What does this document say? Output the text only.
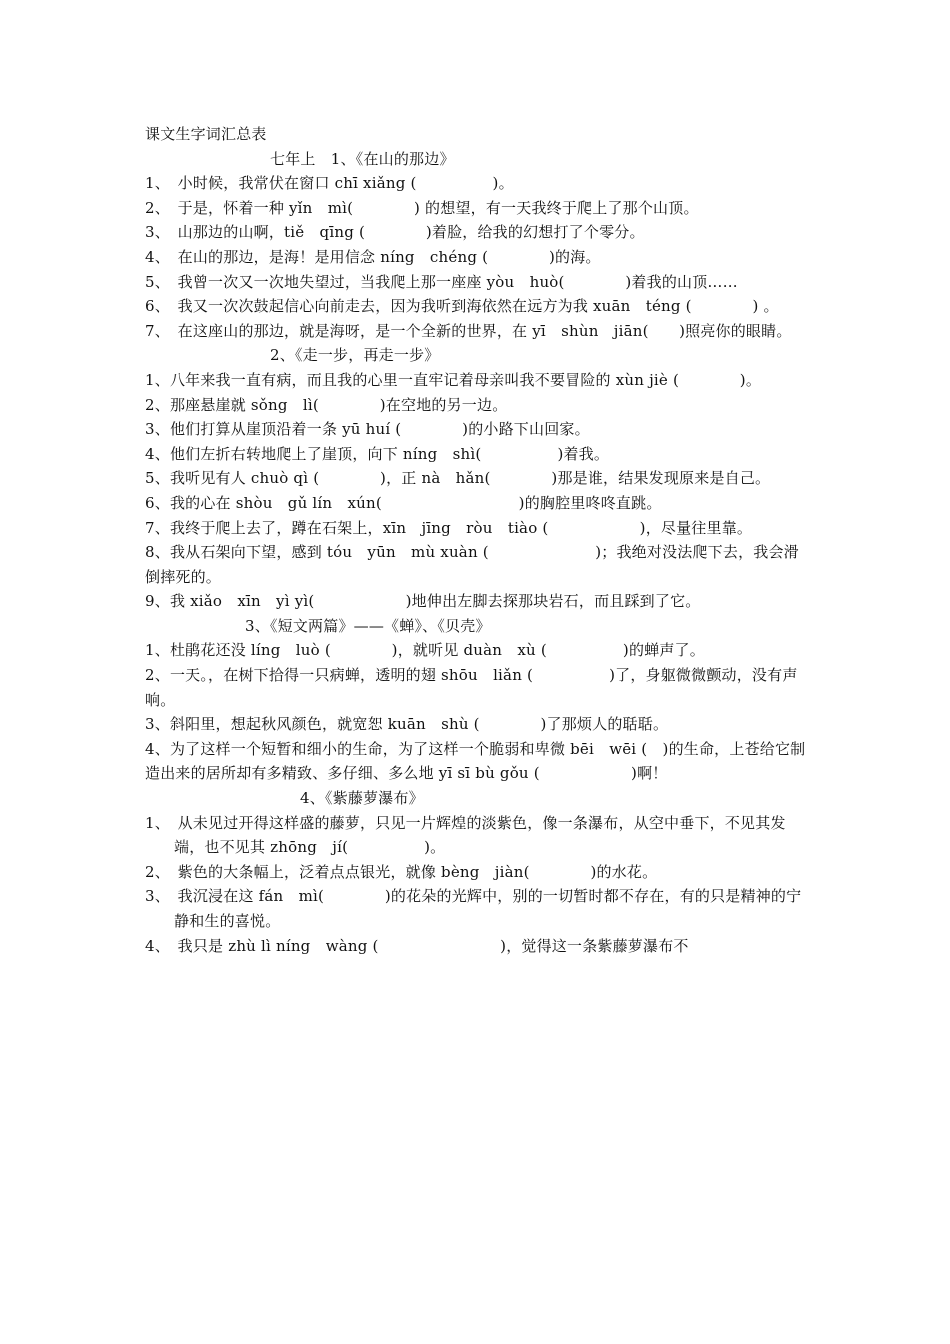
课文生字词汇总表

七年上　1、《在山的那边》

1、　小时候，我常伏在窗口 chī xiǎng (　　　　　)。

2、　于是，怀着一种 yǐn　mì(　　　　) 的想望，有一天我终于爬上了那个山顶。

3、　山那边的山啊，tiě　qīng (　　　　)着脸，给我的幻想打了个零分。

4、　在山的那边，是海！是用信念 níng　chéng (　　　　)的海。

5、　我曾一次又一次地失望过，当我爬上那一座座 yòu　huò(　　　　)着我的山顶……

6、　我又一次次鼓起信心向前走去，因为我听到海依然在远方为我 xuān　téng (　　　　) 。

7、　在这座山的那边，就是海呀，是一个全新的世界，在 yī　shùn　jiān(　　)照亮你的眼睛。

2、《走一步，再走一步》

1、八年来我一直有病，而且我的心里一直牢记着母亲叫我不要冒险的 xùn jiè (　　　　)。

2、那座悬崖就 sǒng　lì(　　　　)在空地的另一边。

3、他们打算从崖顶沿着一条 yū huí (　　　　)的小路下山回家。

4、他们左折右转地爬上了崖顶，向下 níng　shì(　　　　　)着我。

5、我听见有人 chuò qì (　　　　)，正 nà　hǎn(　　　　)那是谁，结果发现原来是自己。

6、我的心在 shòu　gǔ lín　xún(　　　　　　　　　)的胸腔里咚咚直跳。

7、我终于爬上去了，蹲在石架上，xīn　jīng　ròu　tiào (　　　　　　)，尽量往里靠。

8、我从石架向下望，感到 tóu　yūn　mù xuàn (　　　　　　　)；我绝对没法爬下去，我会滑倒摔死的。

9、我 xiǎo　xīn　yì yì(　　　　　　)地伸出左脚去探那块岩石，而且踩到了它。

3、《短文两篇》——《蝉》、《贝壳》

1、杜鹃花还没 líng　luò (　　　　)，就听见 duàn　xù (　　　　　)的蝉声了。

2、一天。，在树下拾得一只病蝉，透明的翅 shōu　liǎn (　　　　　)了，身躯微微颤动，没有声响。

3、斜阳里，想起秋风颜色，就宽恕 kuān　shù (　　　　)了那烦人的聒聒。

4、为了这样一个短暂和细小的生命，为了这样一个脆弱和卑微 bēi　wēi (　)的生命，上苍给它制造出来的居所却有多精致、多仔细、多么地 yī sī bù gǒu (　　　　　　)啊！

4、《紫藤萝瀑布》

1、　从未见过开得这样盛的藤萝，只见一片辉煌的淡紫色，像一条瀑布，从空中垂下，不见其发端，也不见其 zhōng　jí(　　　　　)。

2、　紫色的大条幅上，泛着点点银光，就像 bèng　jiàn(　　　　)的水花。

3、　我沉浸在这 fán　mì(　　　　)的花朵的光辉中，别的一切暂时都不存在，有的只是精神的宁静和生的喜悦。

4、　我只是 zhù lì níng　wàng (　　　　　　　　)，觉得这一条紫藤萝瀑布不
